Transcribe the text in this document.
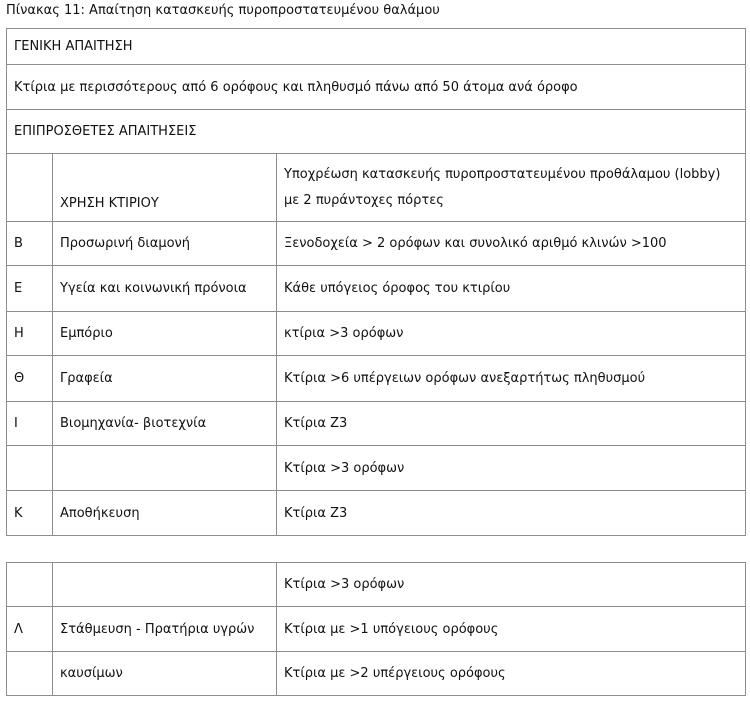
Πίνακας 11: Απαίτηση κατασκευής πυροπροστατευμένου θαλάμου
ΓΕΝΙΚΗ ΑΠΑΙΤΗΣΗ		
Κτίρια με περισσότερους από 6 ορόφους και πληθυσμό πάνω από 50 άτομα ανά όροφο		
ΕΠΙΠΡΟΣΘΕΤΕΣ ΑΠΑΙΤΗΣΕΙΣ		
	ΧΡΗΣΗ ΚΤΙΡΙΟΥ	Υποχρέωση κατασκευής πυροπροστατευμένου προθάλαμου (lobby) με 2 πυράντοχες πόρτες
Β	Προσωρινή διαμονή	Ξενοδοχεία > 2 ορόφων και συνολικό αριθμό κλινών >100
Ε	Υγεία και κοινωνική πρόνοια	Κάθε υπόγειος όροφος του κτιρίου
Η	Εμπόριο	κτίρια >3 ορόφων
Θ	Γραφεία	Κτίρια >6 υπέργειων ορόφων ανεξαρτήτως πληθυσμού
Ι	Βιομηχανία- βιοτεχνία	Κτίρια Ζ3
		Κτίρια >3 ορόφων
Κ	Αποθήκευση	Κτίρια Ζ3
		Κτίρια >3 ορόφων
Λ	Στάθμευση - Πρατήρια υγρών	Κτίρια με >1 υπόγειους ορόφους
	καυσίμων	Κτίρια με >2 υπέργειους ορόφους
